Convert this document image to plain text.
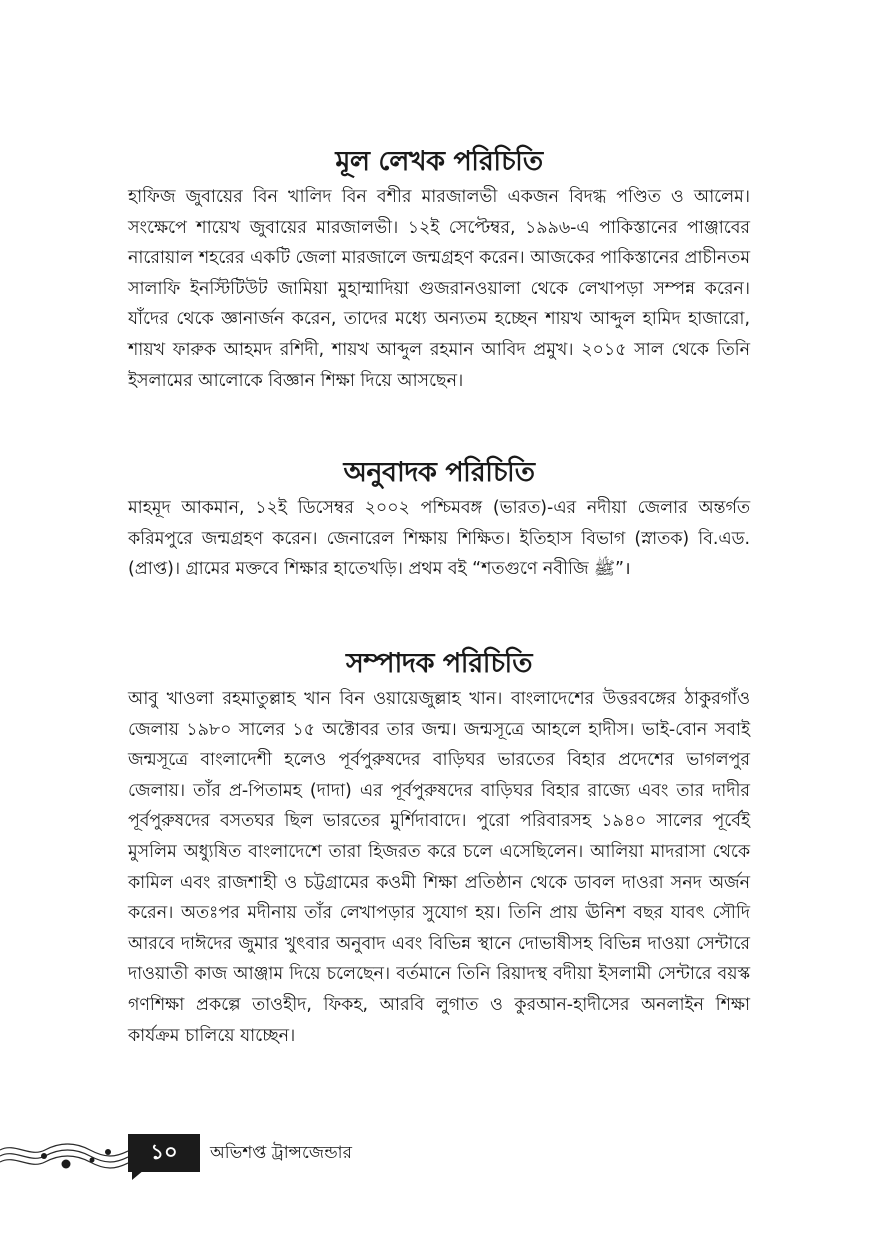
মূল লেখক পরিচিতি

হাফিজ জুবায়ের বিন খালিদ বিন বশীর মারজালভী একজন বিদগ্ধ পণ্ডিত ও আলেম। সংক্ষেপে শায়েখ জুবায়ের মারজালভী। ১২ই সেপ্টেম্বর, ১৯৯৬-এ পাকিস্তানের পাঞ্জাবের নারোয়াল শহরের একটি জেলা মারজালে জন্মগ্রহণ করেন। আজকের পাকিস্তানের প্রাচীনতম সালাফি ইনস্টিটিউট জামিয়া মুহাম্মাদিয়া গুজরানওয়ালা থেকে লেখাপড়া সম্পন্ন করেন। যাঁদের থেকে জ্ঞানার্জন করেন, তাদের মধ্যে অন্যতম হচ্ছেন শায়খ আব্দুল হামিদ হাজারো, শায়খ ফারুক আহমদ রশিদী, শায়খ আব্দুল রহমান আবিদ প্রমুখ। ২০১৫ সাল থেকে তিনি ইসলামের আলোকে বিজ্ঞান শিক্ষা দিয়ে আসছেন।

অনুবাদক পরিচিতি

মাহমূদ আকমান, ১২ই ডিসেম্বর ২০০২ পশ্চিমবঙ্গ (ভারত)-এর নদীয়া জেলার অন্তর্গত করিমপুরে জন্মগ্রহণ করেন। জেনারেল শিক্ষায় শিক্ষিত। ইতিহাস বিভাগ (স্নাতক) বি.এড. (প্রাপ্ত)। গ্রামের মক্তবে শিক্ষার হাতেখড়ি। প্রথম বই “শতগুণে নবীজি ﷺ”।

সম্পাদক পরিচিতি

আবু খাওলা রহমাতুল্লাহ খান বিন ওয়ায়েজুল্লাহ খান। বাংলাদেশের উত্তরবঙ্গের ঠাকুরগাঁও জেলায় ১৯৮০ সালের ১৫ অক্টোবর তার জন্ম। জন্মসূত্রে আহলে হাদীস। ভাই-বোন সবাই জন্মসূত্রে বাংলাদেশী হলেও পূর্বপুরুষদের বাড়িঘর ভারতের বিহার প্রদেশের ভাগলপুর জেলায়। তাঁর প্র-পিতামহ (দাদা) এর পূর্বপুরুষদের বাড়িঘর বিহার রাজ্যে এবং তার দাদীর পূর্বপুরুষদের বসতঘর ছিল ভারতের মুর্শিদাবাদে। পুরো পরিবারসহ ১৯৪০ সালের পূর্বেই মুসলিম অধ্যুষিত বাংলাদেশে তারা হিজরত করে চলে এসেছিলেন। আলিয়া মাদরাসা থেকে কামিল এবং রাজশাহী ও চট্টগ্রামের কওমী শিক্ষা প্রতিষ্ঠান থেকে ডাবল দাওরা সনদ অর্জন করেন। অতঃপর মদীনায় তাঁর লেখাপড়ার সুযোগ হয়। তিনি প্রায় ঊনিশ বছর যাবৎ সৌদি আরবে দাঈদের জুমার খুৎবার অনুবাদ এবং বিভিন্ন স্থানে দোভাষীসহ বিভিন্ন দাওয়া সেন্টারে দাওয়াতী কাজ আঞ্জাম দিয়ে চলেছেন। বর্তমানে তিনি রিয়াদস্থ বদীয়া ইসলামী সেন্টারে বয়স্ক গণশিক্ষা প্রকল্পে তাওহীদ, ফিকহ, আরবি লুগাত ও কুরআন-হাদীসের অনলাইন শিক্ষা কার্যক্রম চালিয়ে যাচ্ছেন।

১০	অভিশপ্ত ট্রান্সজেন্ডার
